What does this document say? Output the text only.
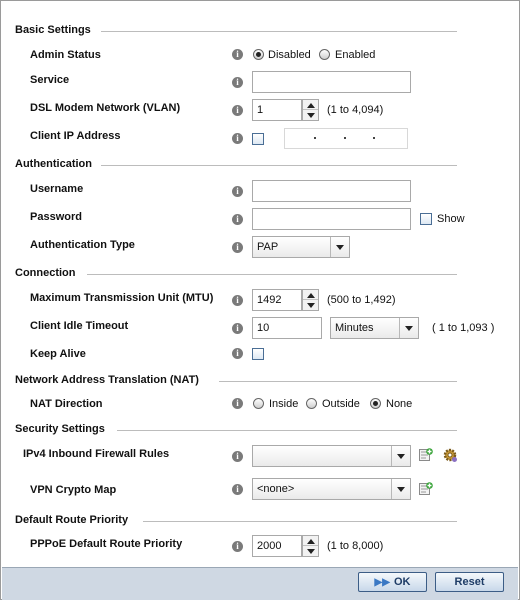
Basic Settings
Admin Status	i	Disabled Enabled
Service	i
DSL Modem Network (VLAN)	i	1	(1 to 4,094)
Client IP Address	i
Authentication
Username	i
Password	i	Show
Authentication Type	i	PAP
Connection
Maximum Transmission Unit (MTU)	i	1492	(500 to 1,492)
Client Idle Timeout	i	10	Minutes	( 1 to 1,093 )
Keep Alive	i
Network Address Translation (NAT)
NAT Direction	i	Inside Outside None
Security Settings
IPv4 Inbound Firewall Rules	i
VPN Crypto Map	i	<none>
Default Route Priority
PPPoE Default Route Priority	i	2000	(1 to 8,000)
▶▶ OK	Reset
